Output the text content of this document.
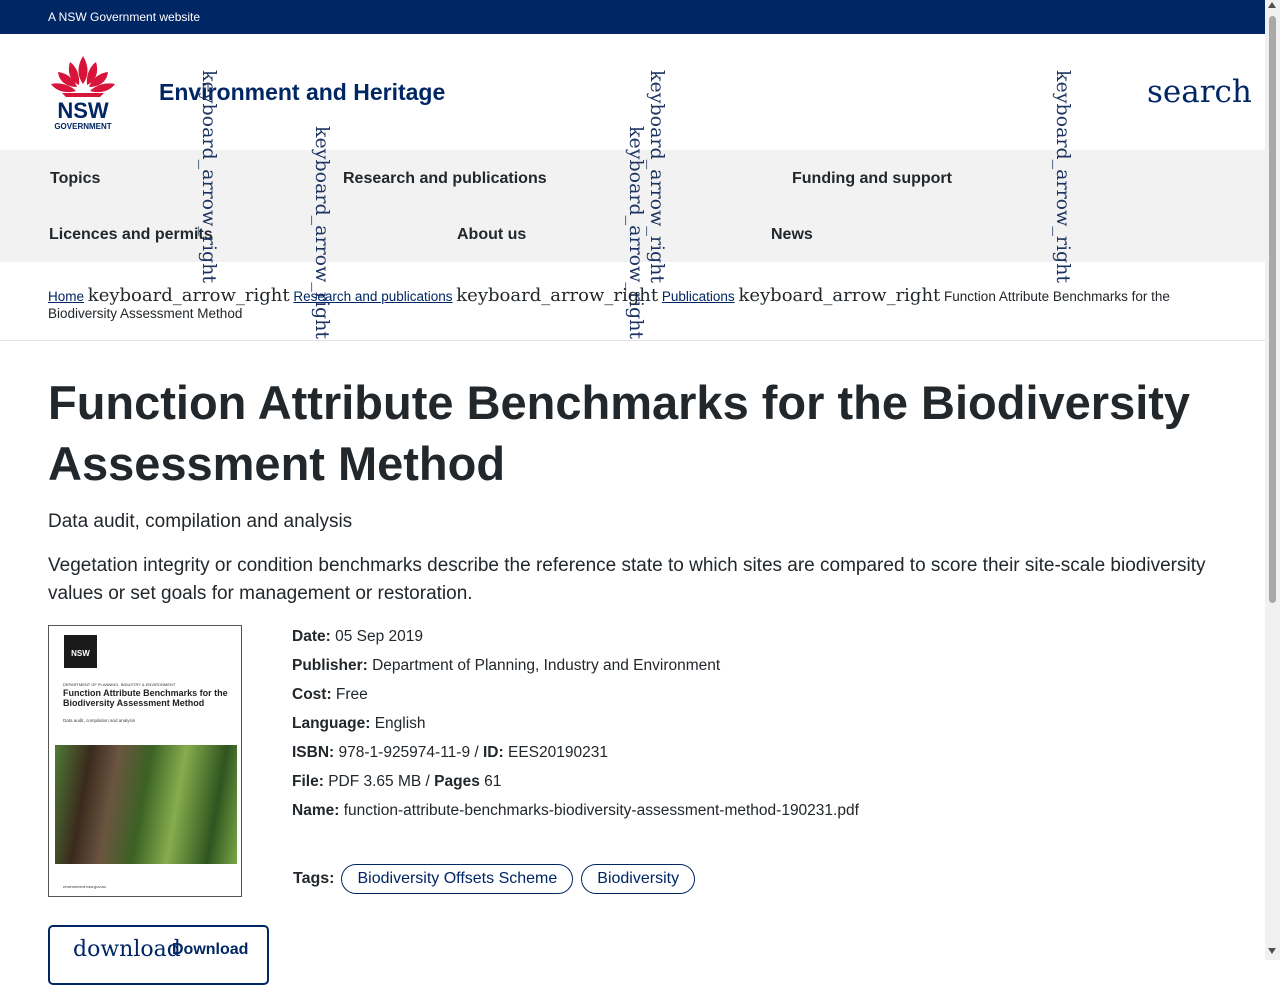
A NSW Government website
NSW
GOVERNMENT
Environment and Heritage	search
Topics	Research and publications	Funding and support
Licences and permits	About us	News
keyboard_arrow_right	keyboard_arrow_right	keyboard_arrow_right
keyboard_arrow_right	keyboard_arrow_right
Home keyboard_arrow_right Research and publications keyboard_arrow_right Publications keyboard_arrow_right Function Attribute Benchmarks for the Biodiversity Assessment Method
Function Attribute Benchmarks for the Biodiversity Assessment Method

Data audit, compilation and analysis

Vegetation integrity or condition benchmarks describe the reference state to which sites are compared to score their site-scale biodiversity values or set goals for management or restoration.

NSW
DEPARTMENT OF PLANNING, INDUSTRY & ENVIRONMENT
Function Attribute Benchmarks for the Biodiversity Assessment Method
Data audit, compilation and analysis
environment.nsw.gov.au
Date: 05 Sep 2019
Publisher: Department of Planning, Industry and Environment
Cost: Free
Language: English
ISBN: 978-1-925974-11-9 / ID: EES20190231
File: PDF 3.65 MB / Pages 61
Name: function-attribute-benchmarks-biodiversity-assessment-method-190231.pdf
Tags:	Biodiversity Offsets Scheme	Biodiversity
download
Download
